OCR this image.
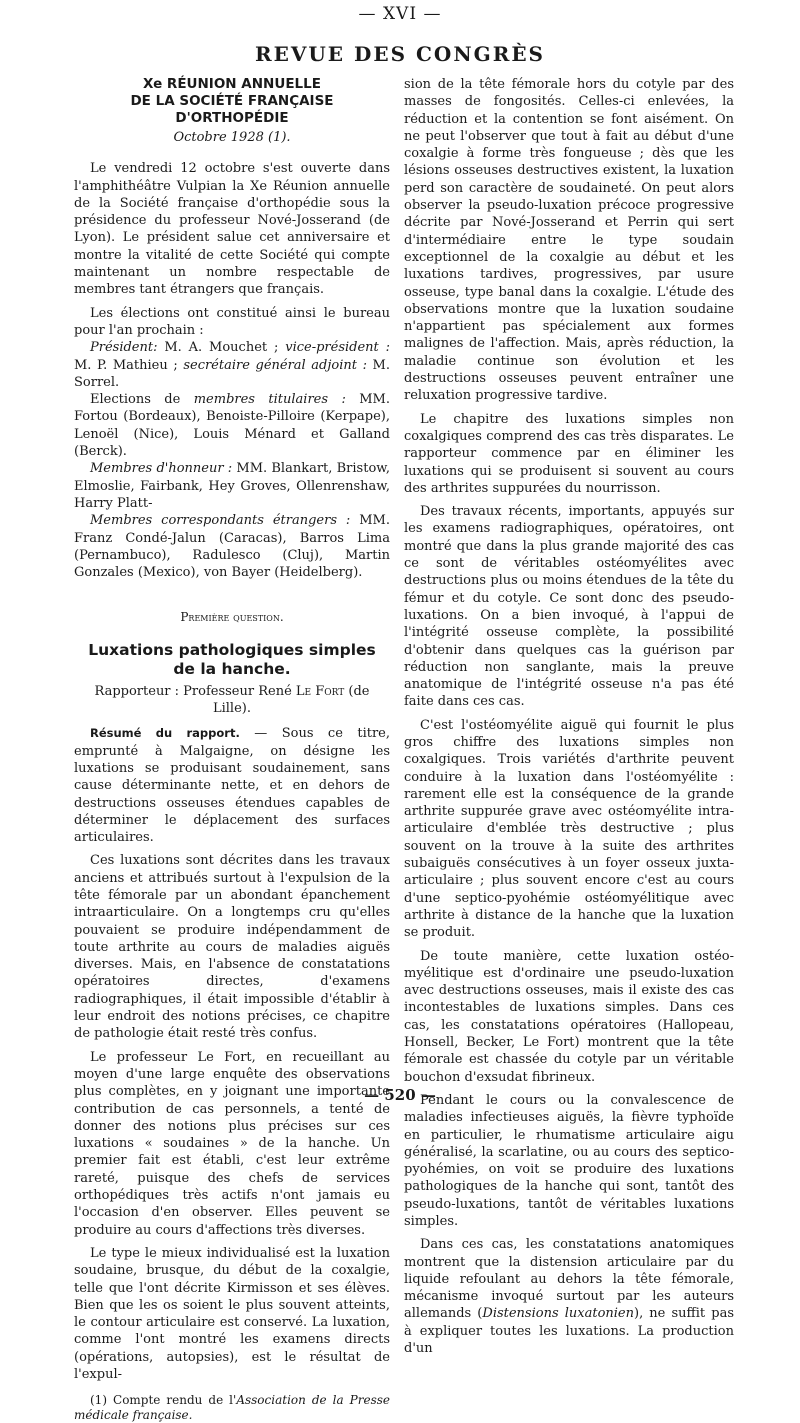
— XVI —
REVUE DES CONGRÈS
Xe RÉUNION ANNUELLE
DE LA SOCIÉTÉ FRANÇAISE D'ORTHOPÉDIE
Octobre 1928 (1).

Le vendredi 12 octobre s'est ouverte dans l'amphithéâtre Vulpian la Xe Réunion annuelle de la Société française d'orthopédie sous la présidence du professeur Nové-Josserand (de Lyon). Le président salue cet anniversaire et montre la vitalité de cette Société qui compte maintenant un nombre respectable de membres tant étrangers que français.

Les élections ont constitué ainsi le bureau pour l'an prochain :

Président: M. A. Mouchet ; vice-président : M. P. Mathieu ; secrétaire général adjoint : M. Sorrel.

Elections de membres titulaires : MM. Fortou (Bordeaux), Benoiste-Pilloire (Kerpape), Lenoël (Nice), Louis Ménard et Galland (Berck).

Membres d'honneur : MM. Blankart, Bristow, Elmoslie, Fairbank, Hey Groves, Ollenrenshaw, Harry Platt-

Membres correspondants étrangers : MM. Franz Condé-Jalun (Caracas), Barros Lima (Pernambuco), Radulesco (Cluj), Martin Gonzales (Mexico), von Bayer (Heidelberg).

Première question.
Luxations pathologiques simples
de la hanche.
Rapporteur : Professeur René Le Fort (de Lille).

Résumé du rapport. — Sous ce titre, emprunté à Malgaigne, on désigne les luxations se produisant soudainement, sans cause déterminante nette, et en dehors de destructions osseuses étendues capables de déterminer le déplacement des surfaces articulaires.

Ces luxations sont décrites dans les travaux anciens et attribués surtout à l'expulsion de la tête fémorale par un abondant épanchement intraarticulaire. On a longtemps cru qu'elles pouvaient se produire indépendamment de toute arthrite au cours de maladies aiguës diverses. Mais, en l'absence de constatations opératoires directes, d'examens radiographiques, il était impossible d'établir à leur endroit des notions précises, ce chapitre de pathologie était resté très confus.

Le professeur Le Fort, en recueillant au moyen d'une large enquête des observations plus complètes, en y joignant une importante contribution de cas personnels, a tenté de donner des notions plus précises sur ces luxations « soudaines » de la hanche. Un premier fait est établi, c'est leur extrême rareté, puisque des chefs de services orthopédiques très actifs n'ont jamais eu l'occasion d'en observer. Elles peuvent se produire au cours d'affections très diverses.

Le type le mieux individualisé est la luxation soudaine, brusque, du début de la coxalgie, telle que l'ont décrite Kirmisson et ses élèves. Bien que les os soient le plus souvent atteints, le contour articulaire est conservé. La luxation, comme l'ont montré les examens directs (opérations, autopsies), est le résultat de l'expul-

(1) Compte rendu de l'Association de la Presse médicale française.

sion de la tête fémorale hors du cotyle par des masses de fongosités. Celles-ci enlevées, la réduction et la contention se font aisément. On ne peut l'observer que tout à fait au début d'une coxalgie à forme très fongueuse ; dès que les lésions osseuses destructives existent, la luxation perd son caractère de soudaineté. On peut alors observer la pseudo-luxation précoce progressive décrite par Nové-Josserand et Perrin qui sert d'intermédiaire entre le type soudain exceptionnel de la coxalgie au début et les luxations tardives, progressives, par usure osseuse, type banal dans la coxalgie. L'étude des observations montre que la luxation soudaine n'appartient pas spécialement aux formes malignes de l'affection. Mais, après réduction, la maladie continue son évolution et les destructions osseuses peuvent entraîner une reluxation progressive tardive.

Le chapitre des luxations simples non coxalgiques comprend des cas très disparates. Le rapporteur commence par en éliminer les luxations qui se produisent si souvent au cours des arthrites suppurées du nourrisson.

Des travaux récents, importants, appuyés sur les examens radiographiques, opératoires, ont montré que dans la plus grande majorité des cas ce sont de véritables ostéomyélites avec destructions plus ou moins étendues de la tête du fémur et du cotyle. Ce sont donc des pseudo-luxations. On a bien invoqué, à l'appui de l'intégrité osseuse complète, la possibilité d'obtenir dans quelques cas la guérison par réduction non sanglante, mais la preuve anatomique de l'intégrité osseuse n'a pas été faite dans ces cas.

C'est l'ostéomyélite aiguë qui fournit le plus gros chiffre des luxations simples non coxalgiques. Trois variétés d'arthrite peuvent conduire à la luxation dans l'ostéomyélite : rarement elle est la conséquence de la grande arthrite suppurée grave avec ostéomyélite intra-articulaire d'emblée très destructive ; plus souvent on la trouve à la suite des arthrites subaiguës consécutives à un foyer osseux juxta-articulaire ; plus souvent encore c'est au cours d'une septico-pyohémie ostéomyélitique avec arthrite à distance de la hanche que la luxation se produit.

De toute manière, cette luxation ostéo-myélitique est d'ordinaire une pseudo-luxation avec destructions osseuses, mais il existe des cas incontestables de luxations simples. Dans ces cas, les constatations opératoires (Hallopeau, Honsell, Becker, Le Fort) montrent que la tête fémorale est chassée du cotyle par un véritable bouchon d'exsudat fibrineux.

Pendant le cours ou la convalescence de maladies infectieuses aiguës, la fièvre typhoïde en particulier, le rhumatisme articulaire aigu généralisé, la scarlatine, ou au cours des septico-pyohémies, on voit se produire des luxations pathologiques de la hanche qui sont, tantôt des pseudo-luxations, tantôt de véritables luxations simples.

Dans ces cas, les constatations anatomiques montrent que la distension articulaire par du liquide refoulant au dehors la tête fémorale, mécanisme invoqué surtout par les auteurs allemands (Distensions luxatonien), ne suffit pas à expliquer toutes les luxations. La production d'un

— 520 —
